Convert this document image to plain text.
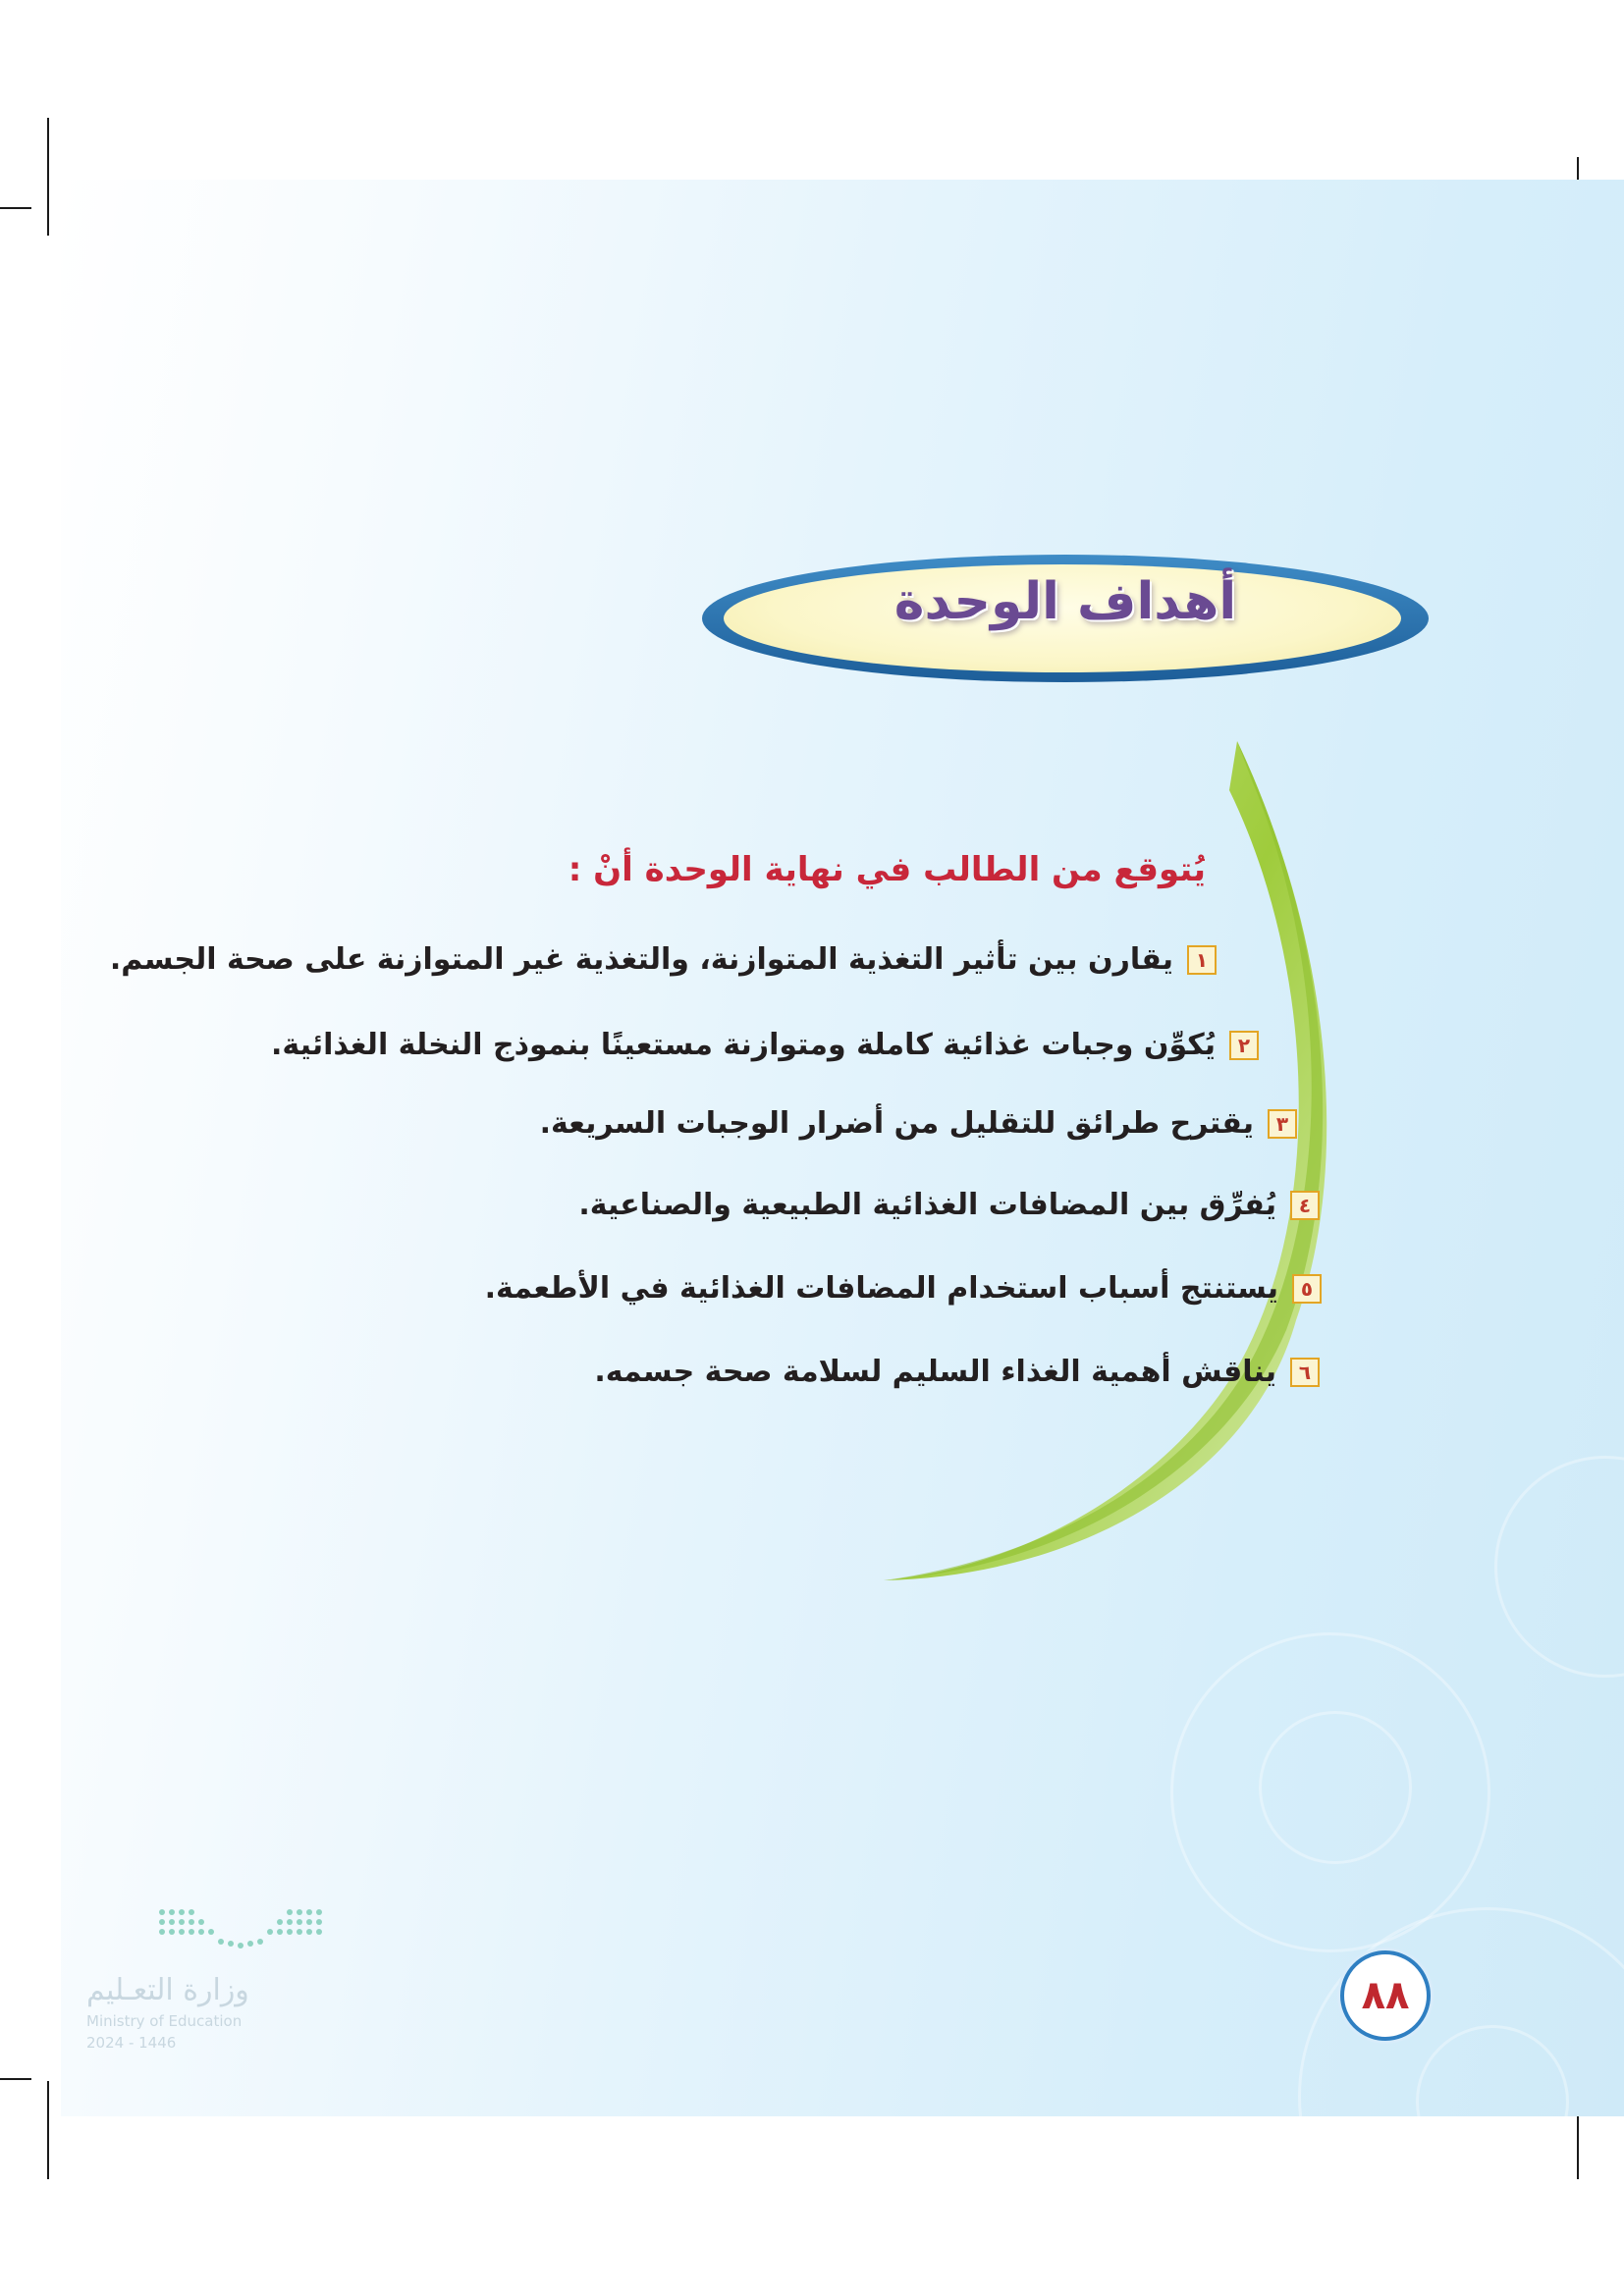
أهداف الوحدة
يُتوقع من الطالب في نهاية الوحدة أنْ :
١
يقارن بين تأثير التغذية المتوازنة، والتغذية غير المتوازنة على صحة الجسم.
٢
يُكوِّن وجبات غذائية كاملة ومتوازنة مستعينًا بنموذج النخلة الغذائية.
٣
يقترح طرائق للتقليل من أضرار الوجبات السريعة.
٤
يُفرِّق بين المضافات الغذائية الطبيعية والصناعية.
٥
يستنتج أسباب استخدام المضافات الغذائية في الأطعمة.
٦
يناقش أهمية الغذاء السليم لسلامة صحة جسمه.
وزارة التعـليم
Ministry of Education
2024 - 1446
٨٨
